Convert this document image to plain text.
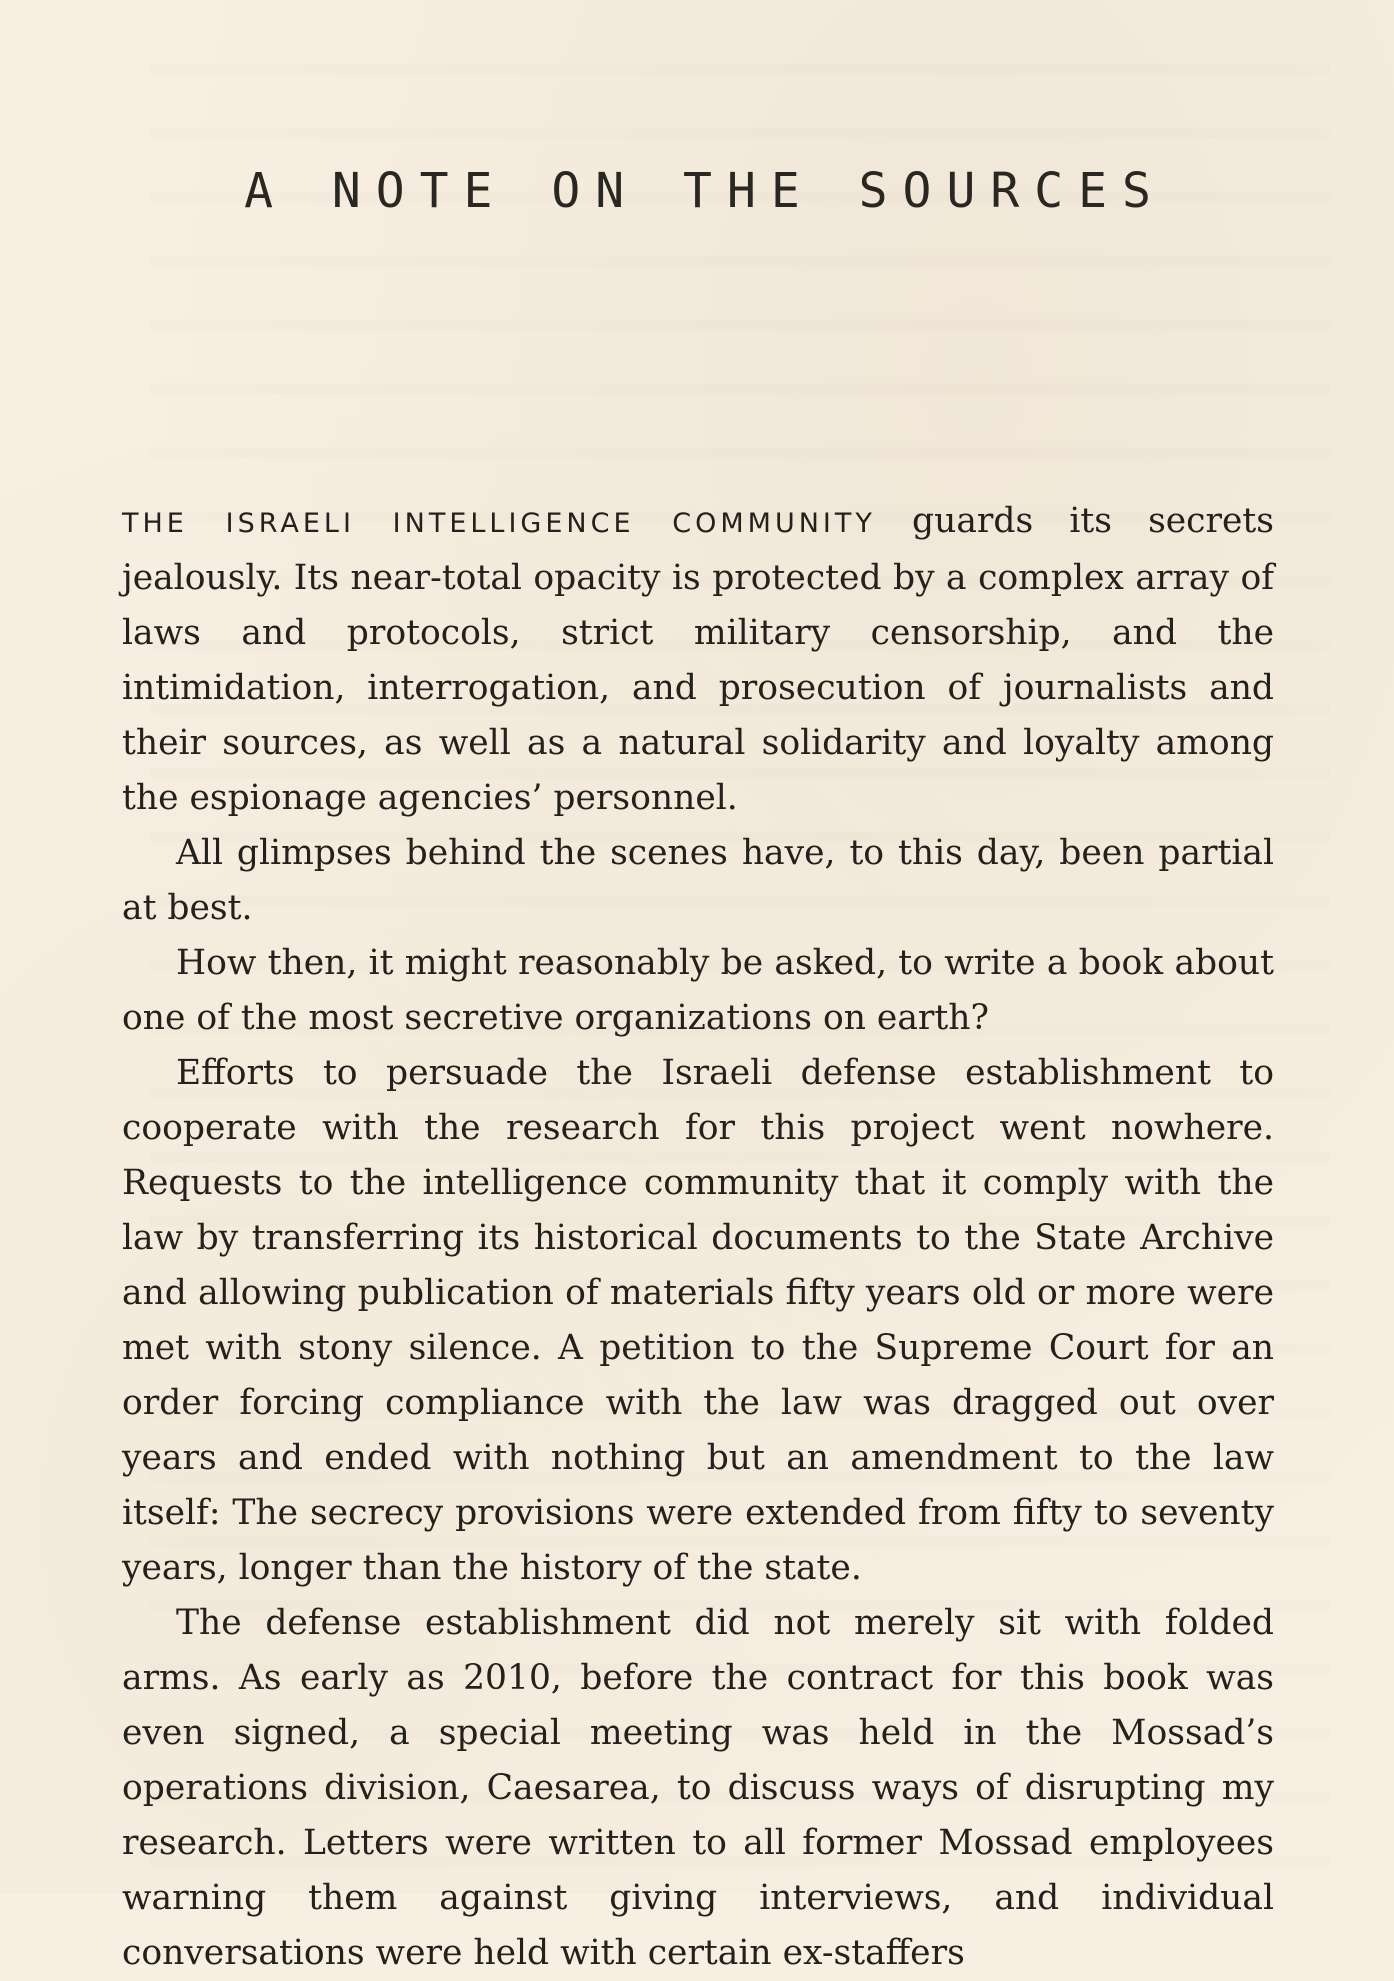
A NOTE ON THE SOURCES

THE ISRAELI INTELLIGENCE COMMUNITY guards its secrets jealously. Its near-total opacity is protected by a complex array of laws and protocols, strict military censorship, and the intimidation, interrogation, and prosecution of journalists and their sources, as well as a natural solidarity and loyalty among the espionage agencies’ personnel.

All glimpses behind the scenes have, to this day, been partial at best.

How then, it might reasonably be asked, to write a book about one of the most secretive organizations on earth?

Efforts to persuade the Israeli defense establishment to cooperate with the research for this project went nowhere. Requests to the intelligence community that it comply with the law by transferring its historical documents to the State Archive and allowing publication of materials fifty years old or more were met with stony silence. A petition to the Supreme Court for an order forcing compliance with the law was dragged out over years and ended with nothing but an amendment to the law itself: The secrecy provisions were extended from fifty to seventy years, longer than the history of the state.

The defense establishment did not merely sit with folded arms. As early as 2010, before the contract for this book was even signed, a special meeting was held in the Mossad’s operations division, Caesarea, to discuss ways of disrupting my research. Letters were written to all former Mossad employees warning them against giving interviews, and individual conversations were held with certain ex-staffers
